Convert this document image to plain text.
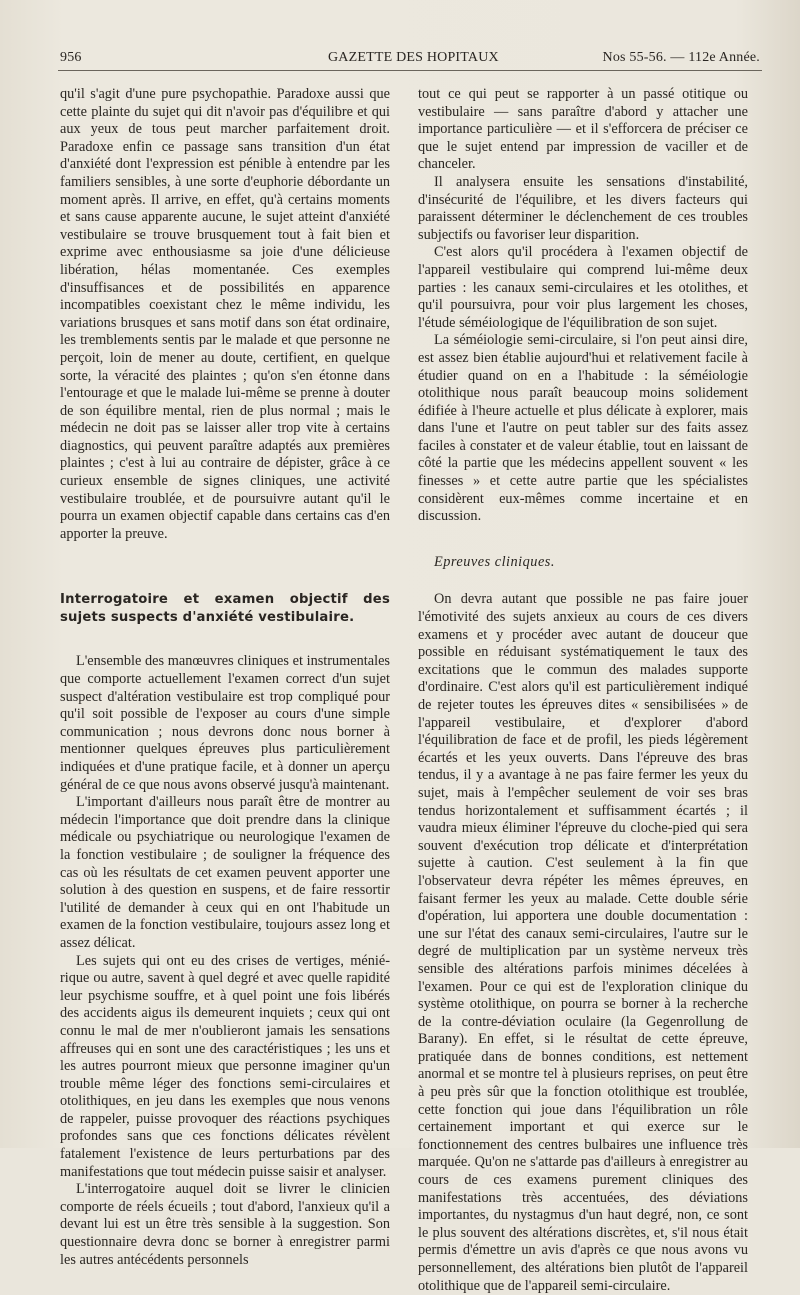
956	GAZETTE DES HOPITAUX	Nos 55-56. — 112e Année.

qu'il s'agit d'une pure psychopathie. Paradoxe aussi que cette plainte du sujet qui dit n'avoir pas d'équilibre et qui aux yeux de tous peut marcher parfaitement droit. Paradoxe enfin ce passage sans transition d'un état d'anxiété dont l'expression est pénible à entendre par les familiers sensibles, à une sorte d'euphorie débordante un moment après. Il arrive, en effet, qu'à certains moments et sans cause apparente aucune, le sujet atteint d'anxiété vestibulaire se trouve brusquement tout à fait bien et exprime avec enthousiasme sa joie d'une délicieuse libération, hélas momentanée. Ces exemples d'insuffisances et de possibilités en apparence incompatibles coexistant chez le même individu, les variations brusques et sans motif dans son état ordinaire, les tremblements sentis par le malade et que personne ne perçoit, loin de mener au doute, certifient, en quelque sorte, la véracité des plaintes ; qu'on s'en étonne dans l'entourage et que le malade lui-même se prenne à douter de son équilibre mental, rien de plus normal ; mais le médecin ne doit pas se laisser aller trop vite à certains diagnostics, qui peuvent paraître adaptés aux premières plaintes ; c'est à lui au contraire de dépister, grâce à ce curieux ensemble de signes cliniques, une activité vestibulaire troublée, et de poursuivre autant qu'il le pourra un examen objectif capable dans certains cas d'en apporter la preuve.

Interrogatoire et examen objectif des sujets suspects d'anxiété vestibulaire.

L'ensemble des manœuvres cliniques et instrumentales que comporte actuellement l'examen correct d'un sujet suspect d'altération vestibulaire est trop compliqué pour qu'il soit possible de l'exposer au cours d'une simple communication ; nous devrons donc nous borner à mentionner quelques épreuves plus particulièrement indiquées et d'une pratique facile, et à donner un aperçu général de ce que nous avons observé jusqu'à maintenant.

L'important d'ailleurs nous paraît être de montrer au médecin l'importance que doit prendre dans la clinique médicale ou psychiatrique ou neurologique l'examen de la fonction vestibulaire ; de souligner la fréquence des cas où les résultats de cet examen peuvent apporter une solution à des question en suspens, et de faire ressortir l'utilité de demander à ceux qui en ont l'habitude un examen de la fonction vestibulaire, toujours assez long et assez délicat.

Les sujets qui ont eu des crises de vertiges, ménié-rique ou autre, savent à quel degré et avec quelle rapidité leur psychisme souffre, et à quel point une fois libérés des accidents aigus ils demeurent inquiets ; ceux qui ont connu le mal de mer n'oublieront jamais les sensations affreuses qui en sont une des caractéristiques ; les uns et les autres pourront mieux que personne imaginer qu'un trouble même léger des fonctions semi-circulaires et otolithiques, en jeu dans les exemples que nous venons de rappeler, puisse provoquer des réactions psychiques profondes sans que ces fonctions délicates révèlent fatalement l'existence de leurs perturbations par des manifestations que tout médecin puisse saisir et analyser.

L'interrogatoire auquel doit se livrer le clinicien comporte de réels écueils ; tout d'abord, l'anxieux qu'il a devant lui est un être très sensible à la suggestion. Son questionnaire devra donc se borner à enregistrer parmi les autres antécédents personnels

tout ce qui peut se rapporter à un passé otitique ou vestibulaire — sans paraître d'abord y attacher une importance particulière — et il s'efforcera de préciser ce que le sujet entend par impression de vaciller et de chanceler.

Il analysera ensuite les sensations d'instabilité, d'insécurité de l'équilibre, et les divers facteurs qui paraissent déterminer le déclenchement de ces troubles subjectifs ou favoriser leur disparition.

C'est alors qu'il procédera à l'examen objectif de l'appareil vestibulaire qui comprend lui-même deux parties : les canaux semi-circulaires et les otolithes, et qu'il poursuivra, pour voir plus largement les choses, l'étude séméiologique de l'équilibration de son sujet.

La séméiologie semi-circulaire, si l'on peut ainsi dire, est assez bien établie aujourd'hui et relativement facile à étudier quand on en a l'habitude : la séméiologie otolithique nous paraît beaucoup moins solidement édifiée à l'heure actuelle et plus délicate à explorer, mais dans l'une et l'autre on peut tabler sur des faits assez faciles à constater et de valeur établie, tout en laissant de côté la partie que les médecins appellent souvent « les finesses » et cette autre partie que les spécialistes considèrent eux-mêmes comme incertaine et en discussion.

Epreuves cliniques.

On devra autant que possible ne pas faire jouer l'émotivité des sujets anxieux au cours de ces divers examens et y procéder avec autant de douceur que possible en réduisant systématiquement le taux des excitations que le commun des malades supporte d'ordinaire. C'est alors qu'il est particulièrement indiqué de rejeter toutes les épreuves dites « sensibilisées » de l'appareil vestibulaire, et d'explorer d'abord l'équilibration de face et de profil, les pieds légèrement écartés et les yeux ouverts. Dans l'épreuve des bras tendus, il y a avantage à ne pas faire fermer les yeux du sujet, mais à l'empêcher seulement de voir ses bras tendus horizontalement et suffisamment écartés ; il vaudra mieux éliminer l'épreuve du cloche-pied qui sera souvent d'exécution trop délicate et d'interprétation sujette à caution. C'est seulement à la fin que l'observateur devra répéter les mêmes épreuves, en faisant fermer les yeux au malade. Cette double série d'opération, lui apportera une double documentation : une sur l'état des canaux semi-circulaires, l'autre sur le degré de multiplication par un système nerveux très sensible des altérations parfois minimes décelées à l'examen. Pour ce qui est de l'exploration clinique du système otolithique, on pourra se borner à la recherche de la contre-déviation oculaire (la Gegenrollung de Barany). En effet, si le résultat de cette épreuve, pratiquée dans de bonnes conditions, est nettement anormal et se montre tel à plusieurs reprises, on peut être à peu près sûr que la fonction otolithique est troublée, cette fonction qui joue dans l'équilibration un rôle certainement important et qui exerce sur le fonctionnement des centres bulbaires une influence très marquée. Qu'on ne s'attarde pas d'ailleurs à enregistrer au cours de ces examens purement cliniques des manifestations très accentuées, des déviations importantes, du nystagmus d'un haut degré, non, ce sont le plus souvent des altérations discrètes, et, s'il nous était permis d'émettre un avis d'après ce que nous avons vu personnellement, des altérations bien plutôt de l'appareil otolithique que de l'appareil semi-circulaire.
